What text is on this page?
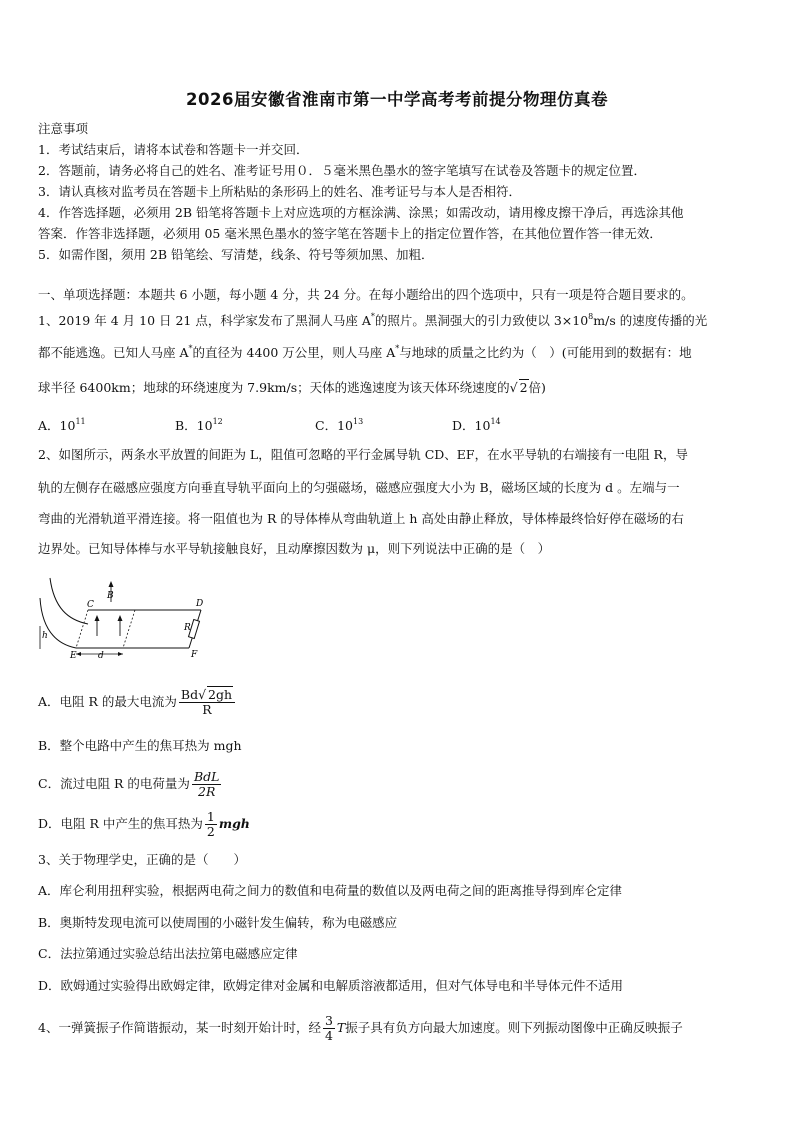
2026届安徽省淮南市第一中学高考考前提分物理仿真卷
注意事项
1．考试结束后，请将本试卷和答题卡一并交回．
2．答题前，请务必将自己的姓名、准考证号用０．５毫米黑色墨水的签字笔填写在试卷及答题卡的规定位置．
3．请认真核对监考员在答题卡上所粘贴的条形码上的姓名、准考证号与本人是否相符．
4．作答选择题，必须用 2B 铅笔将答题卡上对应选项的方框涂满、涂黑；如需改动，请用橡皮擦干净后，再选涂其他
答案．作答非选择题，必须用 05 毫米黑色墨水的签字笔在答题卡上的指定位置作答，在其他位置作答一律无效．
5．如需作图，须用 2B 铅笔绘、写清楚，线条、符号等须加黑、加粗．
一、单项选择题：本题共 6 小题，每小题 4 分，共 24 分。在每小题给出的四个选项中，只有一项是符合题目要求的。
1、2019 年 4 月 10 日 21 点，科学家发布了黑洞人马座 A*的照片。黑洞强大的引力致使以 $3\times 10^8m/s$ 的速度传播的光
都不能逃逸。已知人马座 A*的直径为 4400 万公里，则人马座 A*与地球的质量之比约为（　）(可能用到的数据有：地
球半径 6400km；地球的环绕速度为 7.9km/s；天体的逃逸速度为该天体环绕速度的√ 2倍)
A．$10^{11}$	B．$10^{12}$	C．$10^{13}$	D．$10^{14}$
2、如图所示，两条水平放置的间距为 L，阻值可忽略的平行金属导轨 CD、EF，在水平导轨的右端接有一电阻 R，导
轨的左侧存在磁感应强度方向垂直导轨平面向上的匀强磁场，磁感应强度大小为 B，磁场区域的长度为 d 。左端与一
弯曲的光滑轨道平滑连接。将一阻值也为 R 的导体棒从弯曲轨道上 h 高处由静止释放，导体棒最终恰好停在磁场的右
边界处。已知导体棒与水平导轨接触良好，且动摩擦因数为 μ，则下列说法中正确的是（　）
C
B
D
R
h
E d	F
A．电阻 R 的最大电流为 $\frac{Bd√ 2gh}{R}$
B．整个电路中产生的焦耳热为 mgh
C．流过电阻 R 的电荷量为 $\frac{\text{BdL}}{2R}$
D．电阻 R 中产生的焦耳热为 $\frac{1}{2}$ mgh
3、关于物理学史，正确的是（　　）
A．库仑利用扭秤实验，根据两电荷之间力的数值和电荷量的数值以及两电荷之间的距离推导得到库仑定律
B．奥斯特发现电流可以使周围的小磁针发生偏转，称为电磁感应
C．法拉第通过实验总结出法拉第电磁感应定律
D．欧姆通过实验得出欧姆定律，欧姆定律对金属和电解质溶液都适用，但对气体导电和半导体元件不适用
4、一弹簧振子作简谐振动，某一时刻开始计时，经 $\frac{3}{4}$ T振子具有负方向最大加速度。则下列振动图像中正确反映振子
